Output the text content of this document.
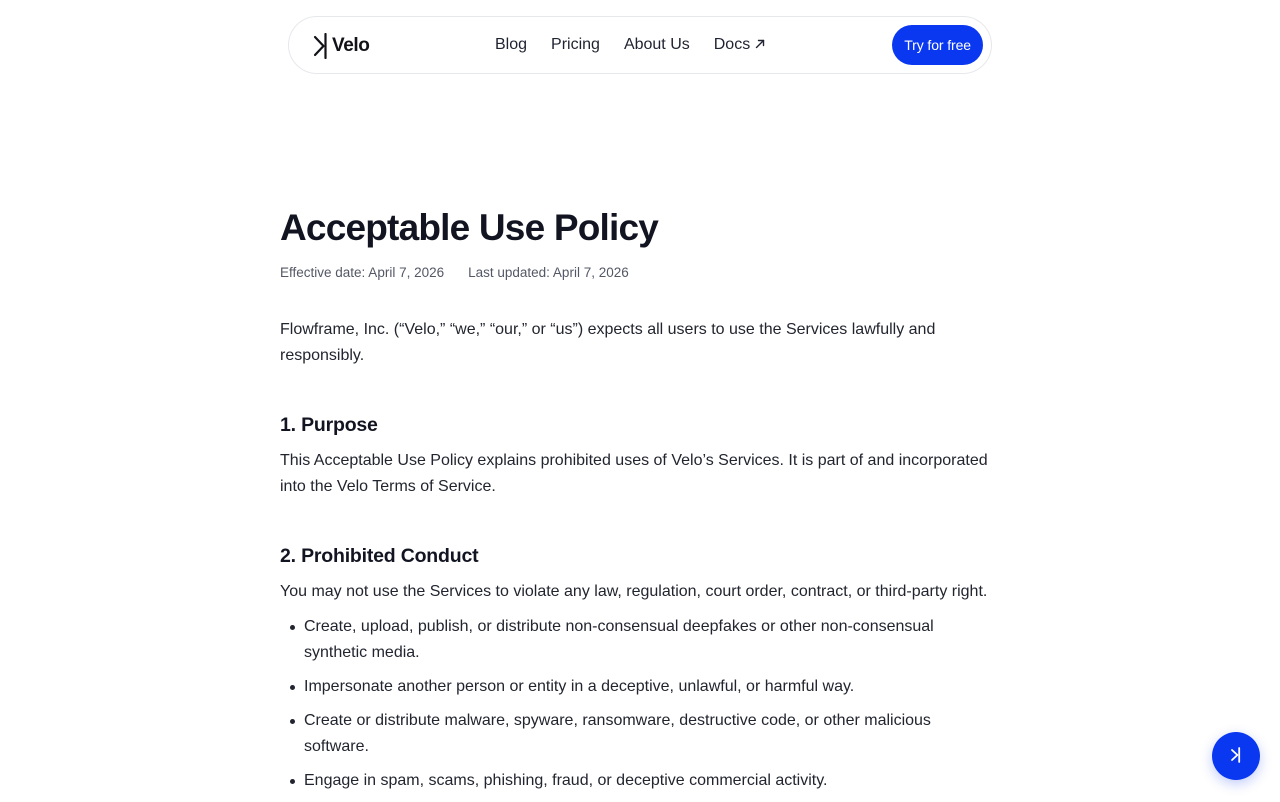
Velo	Blog Pricing About Us Docs	Try for free
Acceptable Use Policy
Effective date: April 7, 2026 Last updated: April 7, 2026

Flowframe, Inc. (“Velo,” “we,” “our,” or “us”) expects all users to use the Services lawfully and responsibly.

1. Purpose

This Acceptable Use Policy explains prohibited uses of Velo’s Services. It is part of and incorporated into the Velo Terms of Service.

2. Prohibited Conduct

You may not use the Services to violate any law, regulation, court order, contract, or third-party right.

Create, upload, publish, or distribute non-consensual deepfakes or other non-consensual synthetic media.
Impersonate another person or entity in a deceptive, unlawful, or harmful way.
Create or distribute malware, spyware, ransomware, destructive code, or other malicious software.
Engage in spam, scams, phishing, fraud, or deceptive commercial activity.
